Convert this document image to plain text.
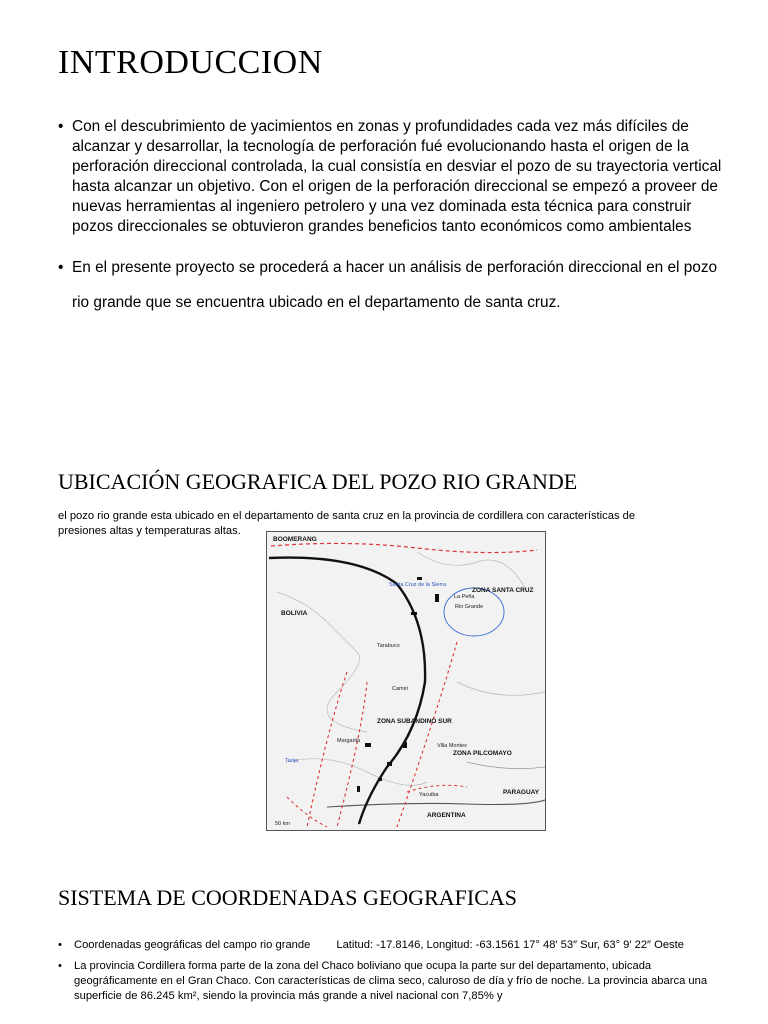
INTRODUCCION
• Con el descubrimiento de yacimientos en zonas y profundidades cada vez más difíciles de alcanzar y desarrollar, la tecnología de perforación fué evolucionando hasta el origen de la perforación direccional controlada, la cual consistía en desviar el pozo de su trayectoria vertical hasta alcanzar un objetivo. Con el origen de la perforación direccional se empezó a proveer de nuevas herramientas al ingeniero petrolero y una vez dominada esta técnica para construir pozos direccionales se obtuvieron grandes beneficios tanto económicos como ambientales
• En el presente proyecto se procederá a hacer un análisis de perforación direccional en el pozo rio grande que se encuentra ubicado en el departamento de santa cruz.
UBICACIÓN GEOGRAFICA DEL POZO RIO GRANDE
el pozo rio grande esta ubicado en el departamento de santa cruz en la provincia de cordillera con características de presiones altas y temperaturas altas.
BOOMERANG
BOLIVIA
Santa Cruz de la Sierra
ZONA SANTA CRUZ
La Peña
Rio Grande
Tarabuco
Camiri
ZONA SUBANDINO SUR
ZONA PILCOMAYO
Margarita
Tarija
Villa Montes
Yacuiba	PARAGUAY
ARGENTINA
50 km
SISTEMA DE COORDENADAS GEOGRAFICAS
• Coordenadas geográficas del campo rio grande Latitud: -17.8146, Longitud: -63.1561 17° 48′ 53″ Sur, 63° 9′ 22″ Oeste
• La provincia Cordillera forma parte de la zona del Chaco boliviano que ocupa la parte sur del departamento, ubicada geográficamente en el Gran Chaco. Con características de clima seco, caluroso de día y frío de noche. La provincia abarca una superficie de 86.245 km², siendo la provincia más grande a nivel nacional con 7,85% y
